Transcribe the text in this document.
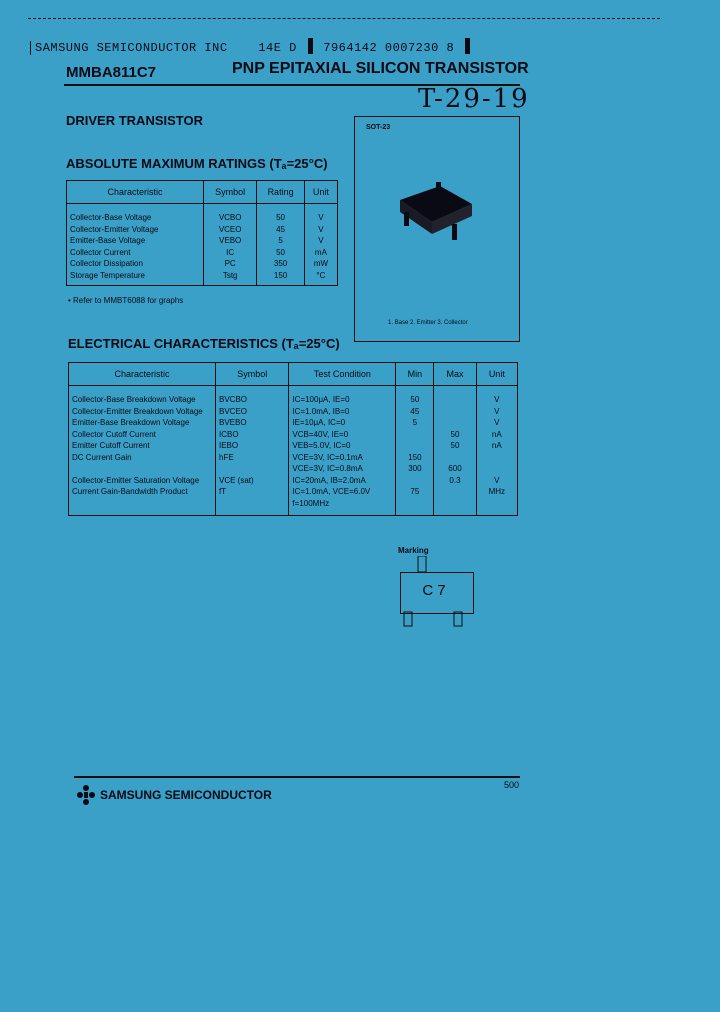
SAMSUNG SEMICONDUCTOR INC	14E D 7964142 0007230 8
MMBA811C7	PNP EPITAXIAL SILICON TRANSISTOR
T-29-19
DRIVER TRANSISTOR
ABSOLUTE MAXIMUM RATINGS (Tₐ=25°C)
Characteristic	Symbol	Rating	Unit
Collector-Base Voltage	VCBO	50	V
Collector-Emitter Voltage	VCEO	45	V
Emitter-Base Voltage	VEBO	5	V
Collector Current	IC	50	mA
Collector Dissipation	PC	350	mW
Storage Temperature	Tstg	150	°C
• Refer to MMBT6088 for graphs
SOT-23
1. Base 2. Emitter 3. Collector
ELECTRICAL CHARACTERISTICS (Tₐ=25°C)
Characteristic	Symbol	Test Condition	Min	Max	Unit
Collector-Base Breakdown Voltage	BVCBO	IC=100μA, IE=0	50		V
Collector-Emitter Breakdown Voltage	BVCEO	IC=1.0mA, IB=0	45		V
Emitter-Base Breakdown Voltage	BVEBO	IE=10μA, IC=0	5		V
Collector Cutoff Current	ICBO	VCB=40V, IE=0		50	nA
Emitter Cutoff Current	IEBO	VEB=5.0V, IC=0		50	nA
DC Current Gain	hFE	VCE=3V, IC=0.1mA	150		
		VCE=3V, IC=0.8mA	300	600	
Collector-Emitter Saturation Voltage	VCE (sat)	IC=20mA, IB=2.0mA		0.3	V
Current Gain-Bandwidth Product	fT	IC=1.0mA, VCE=6.0V	75		MHz
		f=100MHz			
Marking
C7
500
SAMSUNG SEMICONDUCTOR
